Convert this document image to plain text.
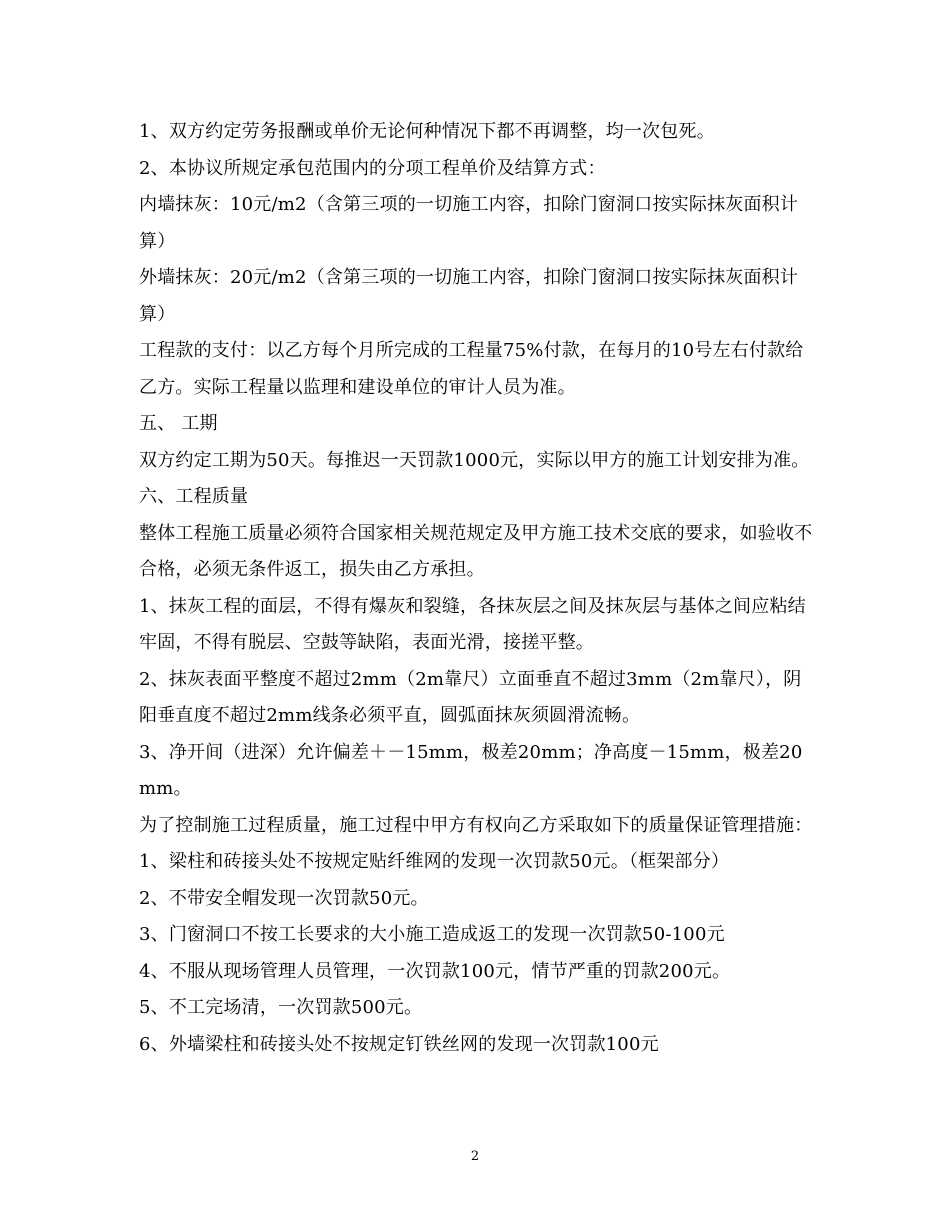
1、双方约定劳务报酬或单价无论何种情况下都不再调整，均一次包死。

2、本协议所规定承包范围内的分项工程单价及结算方式：

内墙抹灰：10元/m2（含第三项的一切施工内容，扣除门窗洞口按实际抹灰面积计算）

外墙抹灰：20元/m2（含第三项的一切施工内容，扣除门窗洞口按实际抹灰面积计算）

工程款的支付：以乙方每个月所完成的工程量75%付款，在每月的10号左右付款给乙方。实际工程量以监理和建设单位的审计人员为准。

五、 工期

双方约定工期为50天。每推迟一天罚款1000元，实际以甲方的施工计划安排为准。

六、工程质量

整体工程施工质量必须符合国家相关规范规定及甲方施工技术交底的要求，如验收不合格，必须无条件返工，损失由乙方承担。

1、抹灰工程的面层，不得有爆灰和裂缝，各抹灰层之间及抹灰层与基体之间应粘结牢固，不得有脱层、空鼓等缺陷，表面光滑，接搓平整。

2、抹灰表面平整度不超过2mm（2m靠尺）立面垂直不超过3mm（2m靠尺），阴阳垂直度不超过2mm线条必须平直，圆弧面抹灰须圆滑流畅。

3、净开间（进深）允许偏差＋－15mm，极差20mm；净高度－15mm，极差20mm。

为了控制施工过程质量，施工过程中甲方有权向乙方采取如下的质量保证管理措施：

1、梁柱和砖接头处不按规定贴纤维网的发现一次罚款50元。（框架部分）

2、不带安全帽发现一次罚款50元。

3、门窗洞口不按工长要求的大小施工造成返工的发现一次罚款50-100元

4、不服从现场管理人员管理，一次罚款100元，情节严重的罚款200元。

5、不工完场清，一次罚款500元。

6、外墙梁柱和砖接头处不按规定钉铁丝网的发现一次罚款100元

2
